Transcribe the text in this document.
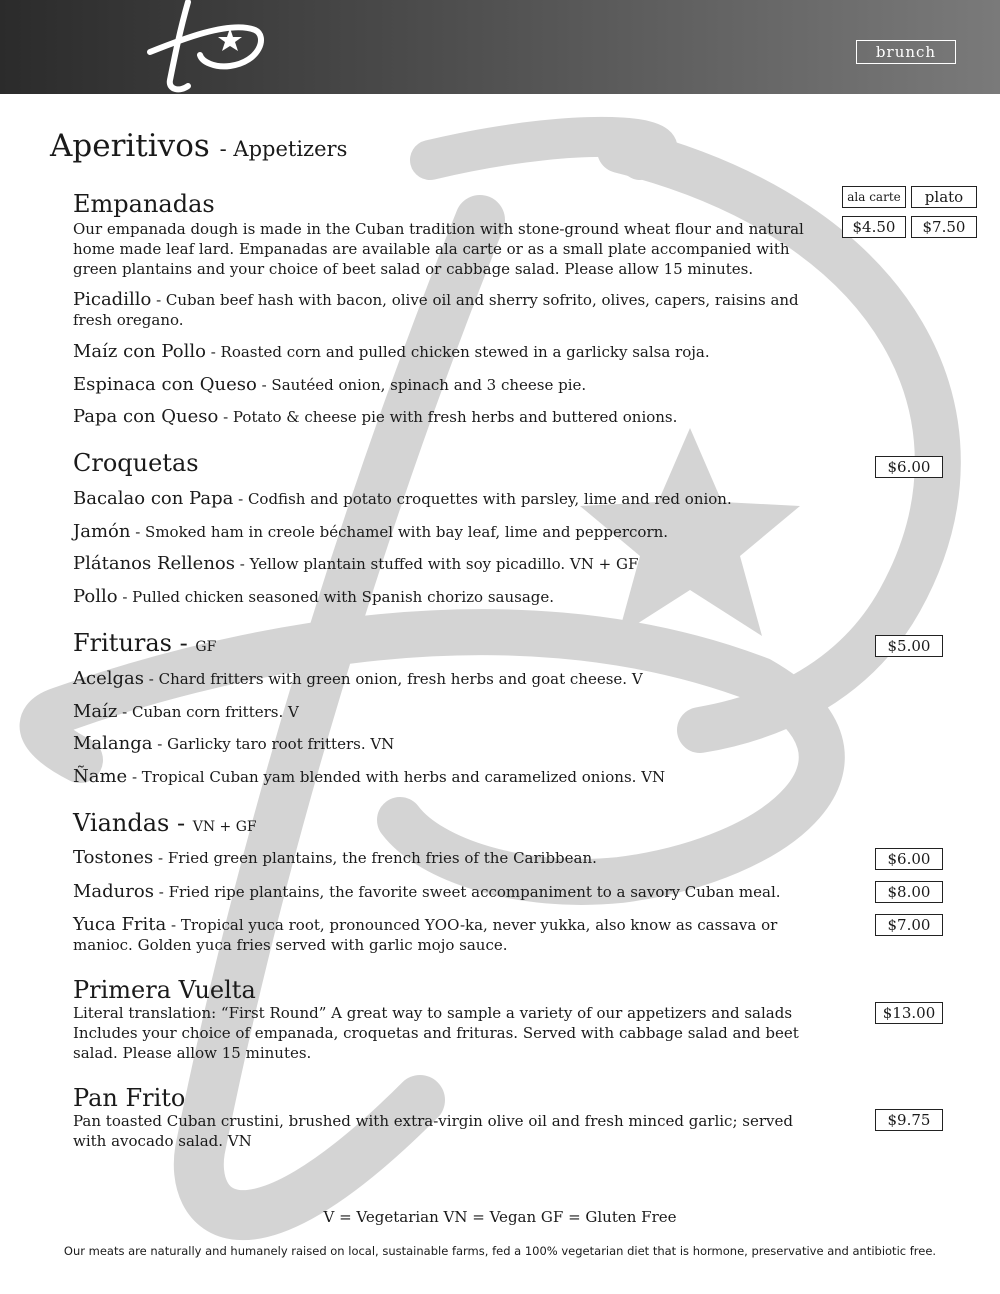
brunch
Aperitivos - Appetizers
ala carte	plato
$4.50	$7.50
Empanadas
Our empanada dough is made in the Cuban tradition with stone-ground wheat flour and natural home made leaf lard. Empanadas are available ala carte or as a small plate accompanied with green plantains and your choice of beet salad or cabbage salad. Please allow 15 minutes.
Picadillo - Cuban beef hash with bacon, olive oil and sherry sofrito, olives, capers, raisins and fresh oregano.
Maíz con Pollo - Roasted corn and pulled chicken stewed in a garlicky salsa roja.
Espinaca con Queso - Sautéed onion, spinach and 3 cheese pie.
Papa con Queso - Potato & cheese pie with fresh herbs and buttered onions.
Croquetas	$6.00
Bacalao con Papa - Codfish and potato croquettes with parsley, lime and red onion.
Jamón - Smoked ham in creole béchamel with bay leaf, lime and peppercorn.
Plátanos Rellenos - Yellow plantain stuffed with soy picadillo. VN + GF
Pollo - Pulled chicken seasoned with Spanish chorizo sausage.
Frituras - GF	$5.00
Acelgas - Chard fritters with green onion, fresh herbs and goat cheese. V
Maíz - Cuban corn fritters. V
Malanga - Garlicky taro root fritters. VN
Ñame - Tropical Cuban yam blended with herbs and caramelized onions. VN
Viandas - VN + GF
Tostones - Fried green plantains, the french fries of the Caribbean.	$6.00
Maduros - Fried ripe plantains, the favorite sweet accompaniment to a savory Cuban meal.	$8.00
Yuca Frita - Tropical yuca root, pronounced YOO-ka, never yukka, also know as cassava or manioc. Golden yuca fries served with garlic mojo sauce.
$7.00
Primera Vuelta
Literal translation: “First Round” A great way to sample a variety of our appetizers and salads Includes your choice of empanada, croquetas and frituras. Served with cabbage salad and beet salad. Please allow 15 minutes.
$13.00
Pan Frito
Pan toasted Cuban crustini, brushed with extra-virgin olive oil and fresh minced garlic; served with avocado salad. VN
$9.75
V = Vegetarian VN = Vegan GF = Gluten Free
Our meats are naturally and humanely raised on local, sustainable farms, fed a 100% vegetarian diet that is hormone, preservative and antibiotic free.
